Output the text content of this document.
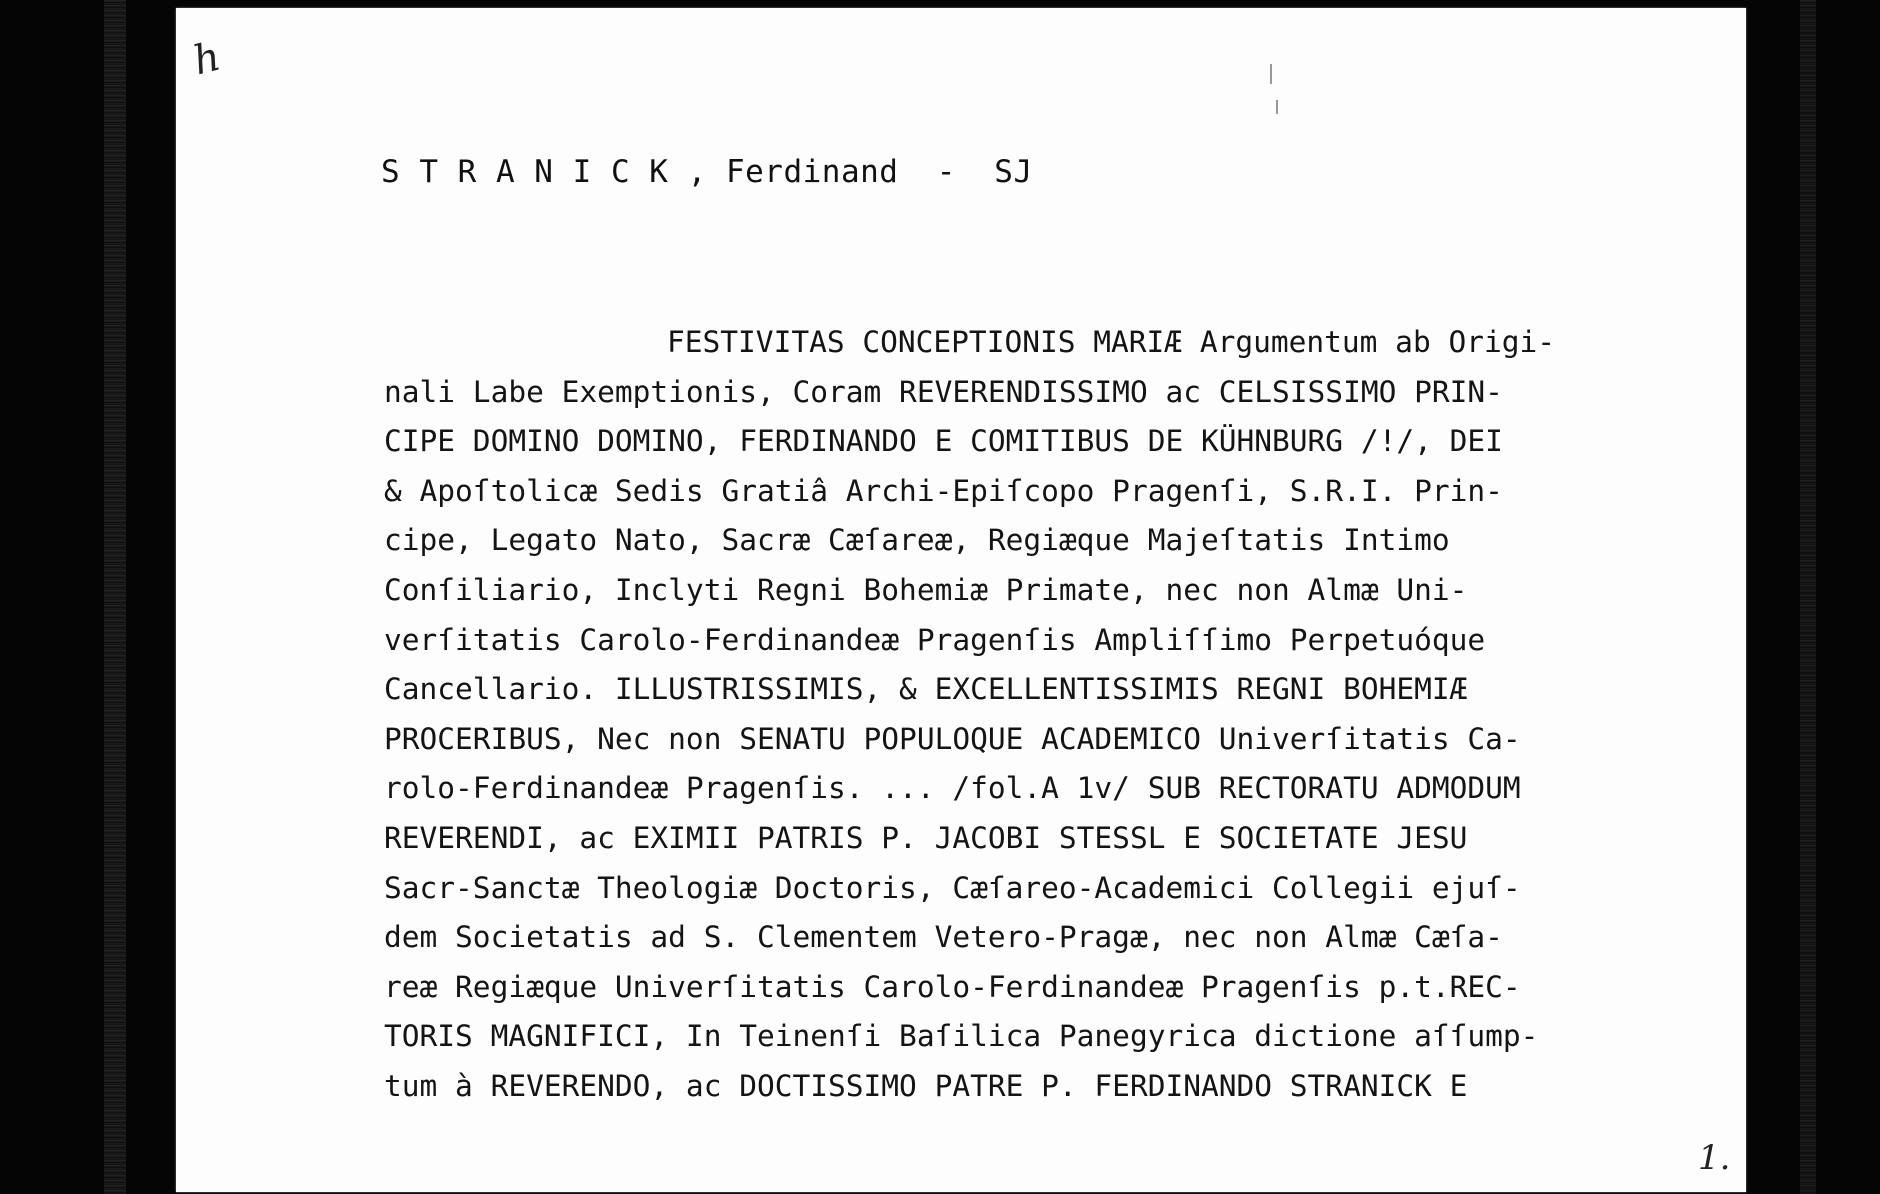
h
S T R A N I C K , Ferdinand  -  SJ
FESTIVITAS CONCEPTIONIS MARIÆ Argumentum ab Origi-
nali Labe Exemptionis, Coram REVERENDISSIMO ac CELSISSIMO PRIN-
CIPE DOMINO DOMINO, FERDINANDO E COMITIBUS DE KÜHNBURG /!/, DEI
& Apoſtolicæ Sedis Gratiâ Archi-Epiſcopo Pragenſi, S.R.I. Prin-
cipe, Legato Nato, Sacræ Cæſareæ, Regiæque Majeſtatis Intimo
Conſiliario, Inclyti Regni Bohemiæ Primate, nec non Almæ Uni-
verſitatis Carolo-Ferdinandeæ Pragenſis Ampliſſimo Perpetuóque
Cancellario. ILLUSTRISSIMIS, & EXCELLENTISSIMIS REGNI BOHEMIÆ
PROCERIBUS, Nec non SENATU POPULOQUE ACADEMICO Univerſitatis Ca-
rolo-Ferdinandeæ Pragenſis. ... /fol.A 1v/ SUB RECTORATU ADMODUM
REVERENDI, ac EXIMII PATRIS P. JACOBI STESSL E SOCIETATE JESU
Sacr-Sanctæ Theologiæ Doctoris, Cæſareo-Academici Collegii ejuſ-
dem Societatis ad S. Clementem Vetero-Pragæ, nec non Almæ Cæſa-
reæ Regiæque Univerſitatis Carolo-Ferdinandeæ Pragenſis p.t.REC-
TORIS MAGNIFICI, In Teinenſi Baſilica Panegyrica dictione aſſump-
tum à REVERENDO, ac DOCTISSIMO PATRE P. FERDINANDO STRANICK E
1.
